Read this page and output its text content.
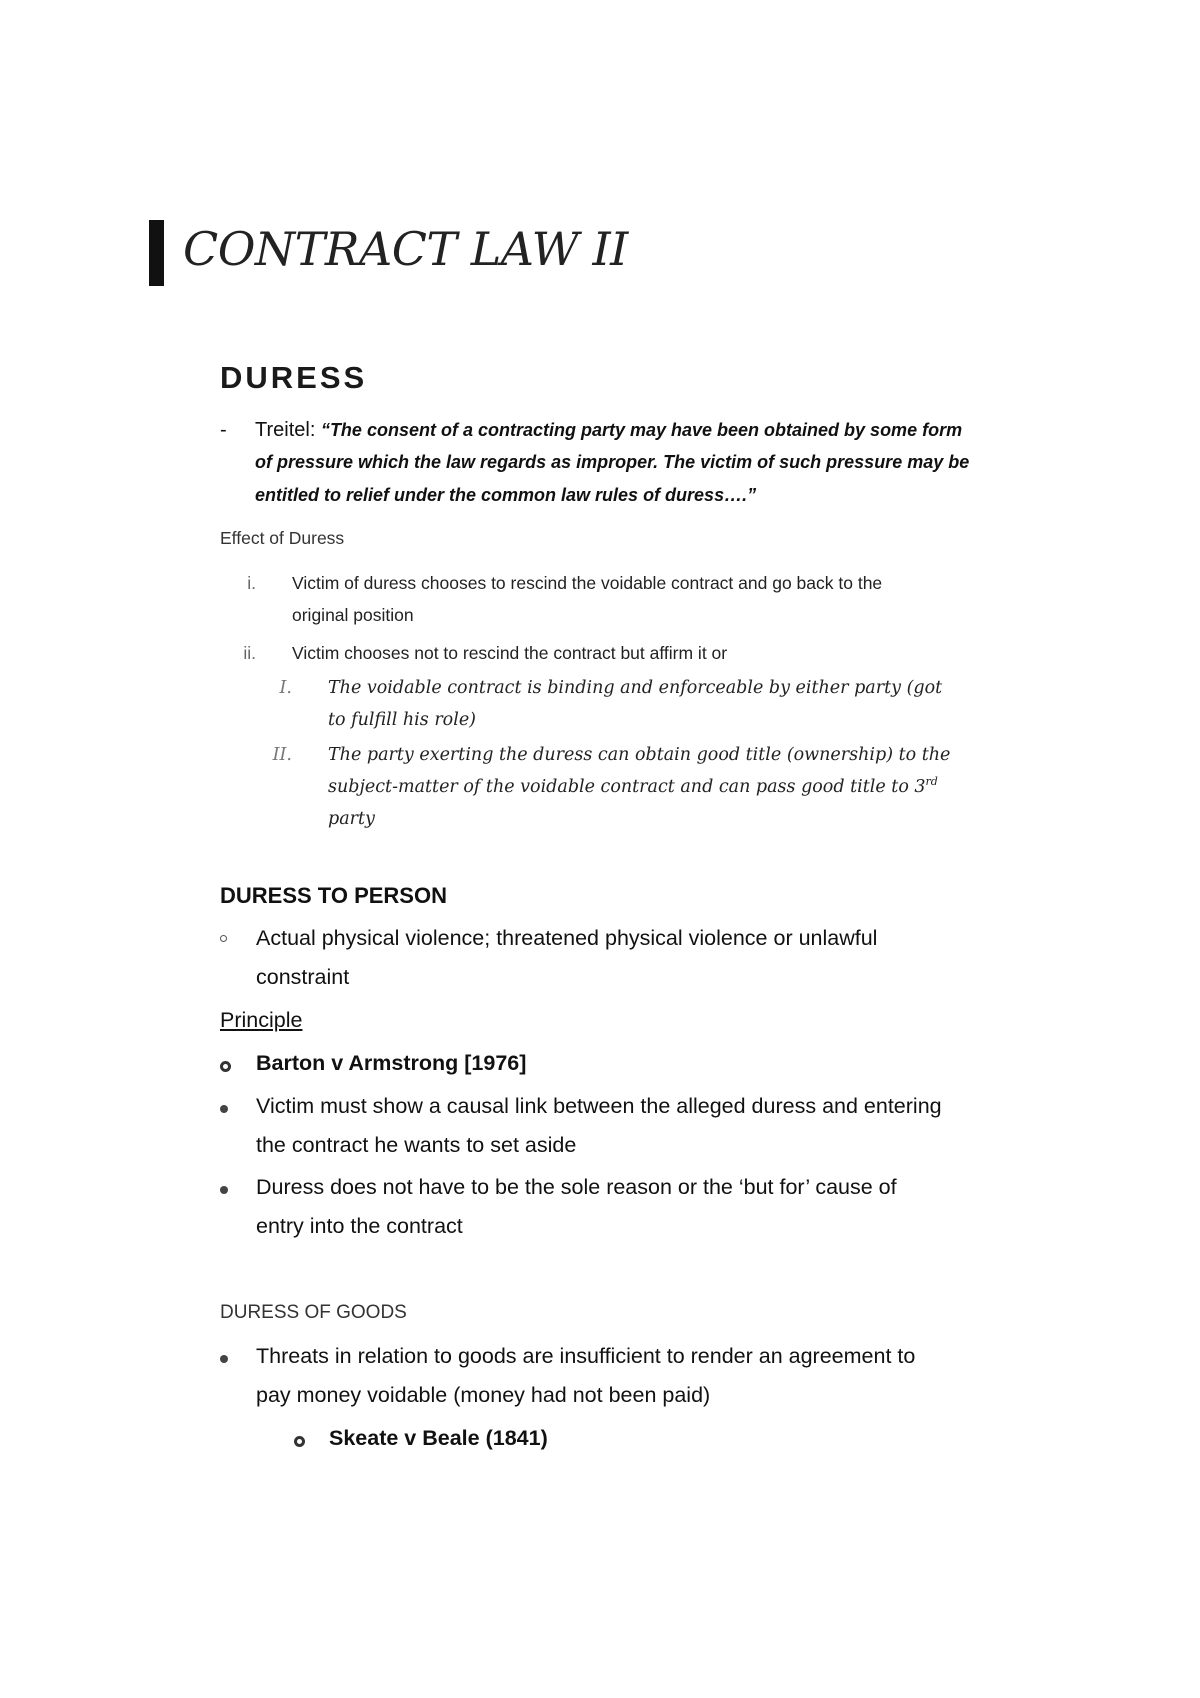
CONTRACT LAW II
DURESS
- Treitel: “The consent of a contracting party may have been obtained by some form
of pressure which the law regards as improper. The victim of such pressure may be
entitled to relief under the common law rules of duress….”
Effect of Duress
i. Victim of duress chooses to rescind the voidable contract and go back to the
original position
ii. Victim chooses not to rescind the contract but affirm it or
I. The voidable contract is binding and enforceable by either party (got
to fulfill his role)
II. The party exerting the duress can obtain good title (ownership) to the
subject-matter of the voidable contract and can pass good title to 3rd
party
DURESS TO PERSON
Actual physical violence; threatened physical violence or unlawful
constraint
Principle
Barton v Armstrong [1976]
Victim must show a causal link between the alleged duress and entering
the contract he wants to set aside
Duress does not have to be the sole reason or the ‘but for’ cause of
entry into the contract
DURESS OF GOODS
Threats in relation to goods are insufficient to render an agreement to
pay money voidable (money had not been paid)
Skeate v Beale (1841)
